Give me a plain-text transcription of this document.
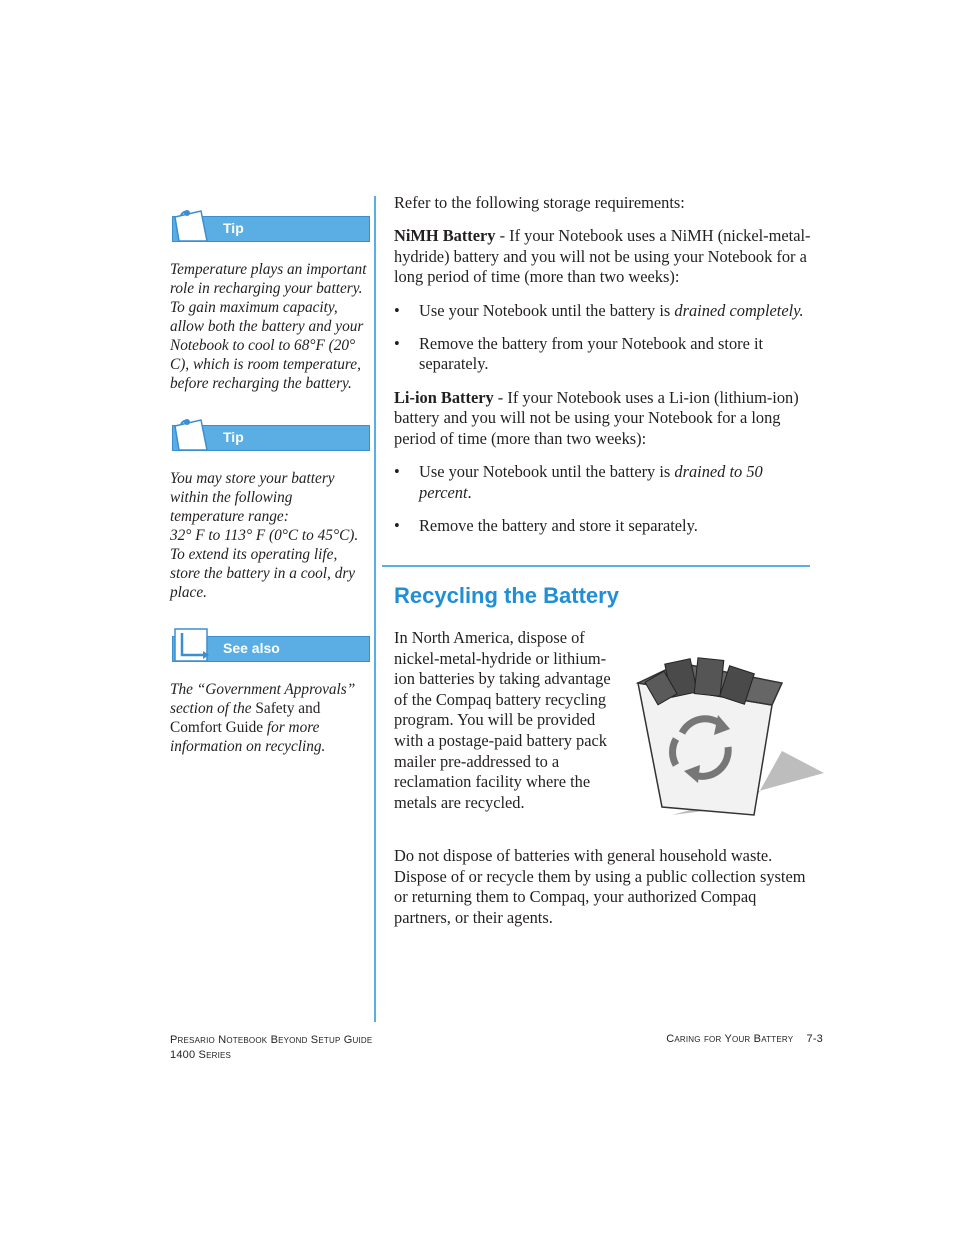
Tip

Temperature plays an important role in recharging your battery. To gain maximum capacity, allow both the battery and your Notebook to cool to 68°F (20° C), which is room temperature, before recharging the battery.

Tip
You may store your battery within the following temperature range:
32° F to 113° F (0°C to 45°C).
To extend its operating life, store the battery in a cool, dry place.
See also

The “Government Approvals” section of the Safety and Comfort Guide for more information on recycling.

Refer to the following storage requirements:

NiMH Battery - If your Notebook uses a NiMH (nickel-metal-hydride) battery and you will not be using your Notebook for a long period of time (more than two weeks):

• Use your Notebook until the battery is drained completely.
• Remove the battery from your Notebook and store it separately.

Li-ion Battery - If your Notebook uses a Li-ion (lithium-ion) battery and you will not be using your Notebook for a long period of time (more than two weeks):

• Use your Notebook until the battery is drained to 50 percent.
• Remove the battery and store it separately.
Recycling the Battery
In North America, dispose of nickel-metal-hydride or lithium-ion batteries by taking advantage of the Compaq battery recycling program. You will be provided with a postage-paid battery pack mailer pre-addressed to a reclamation facility where the metals are recycled.
Do not dispose of batteries with general household waste. Dispose of or recycle them by using a public collection system or returning them to Compaq, your authorized Compaq partners, or their agents.
Presario Notebook Beyond Setup Guide
1400 Series
Caring for Your Battery 7-3
